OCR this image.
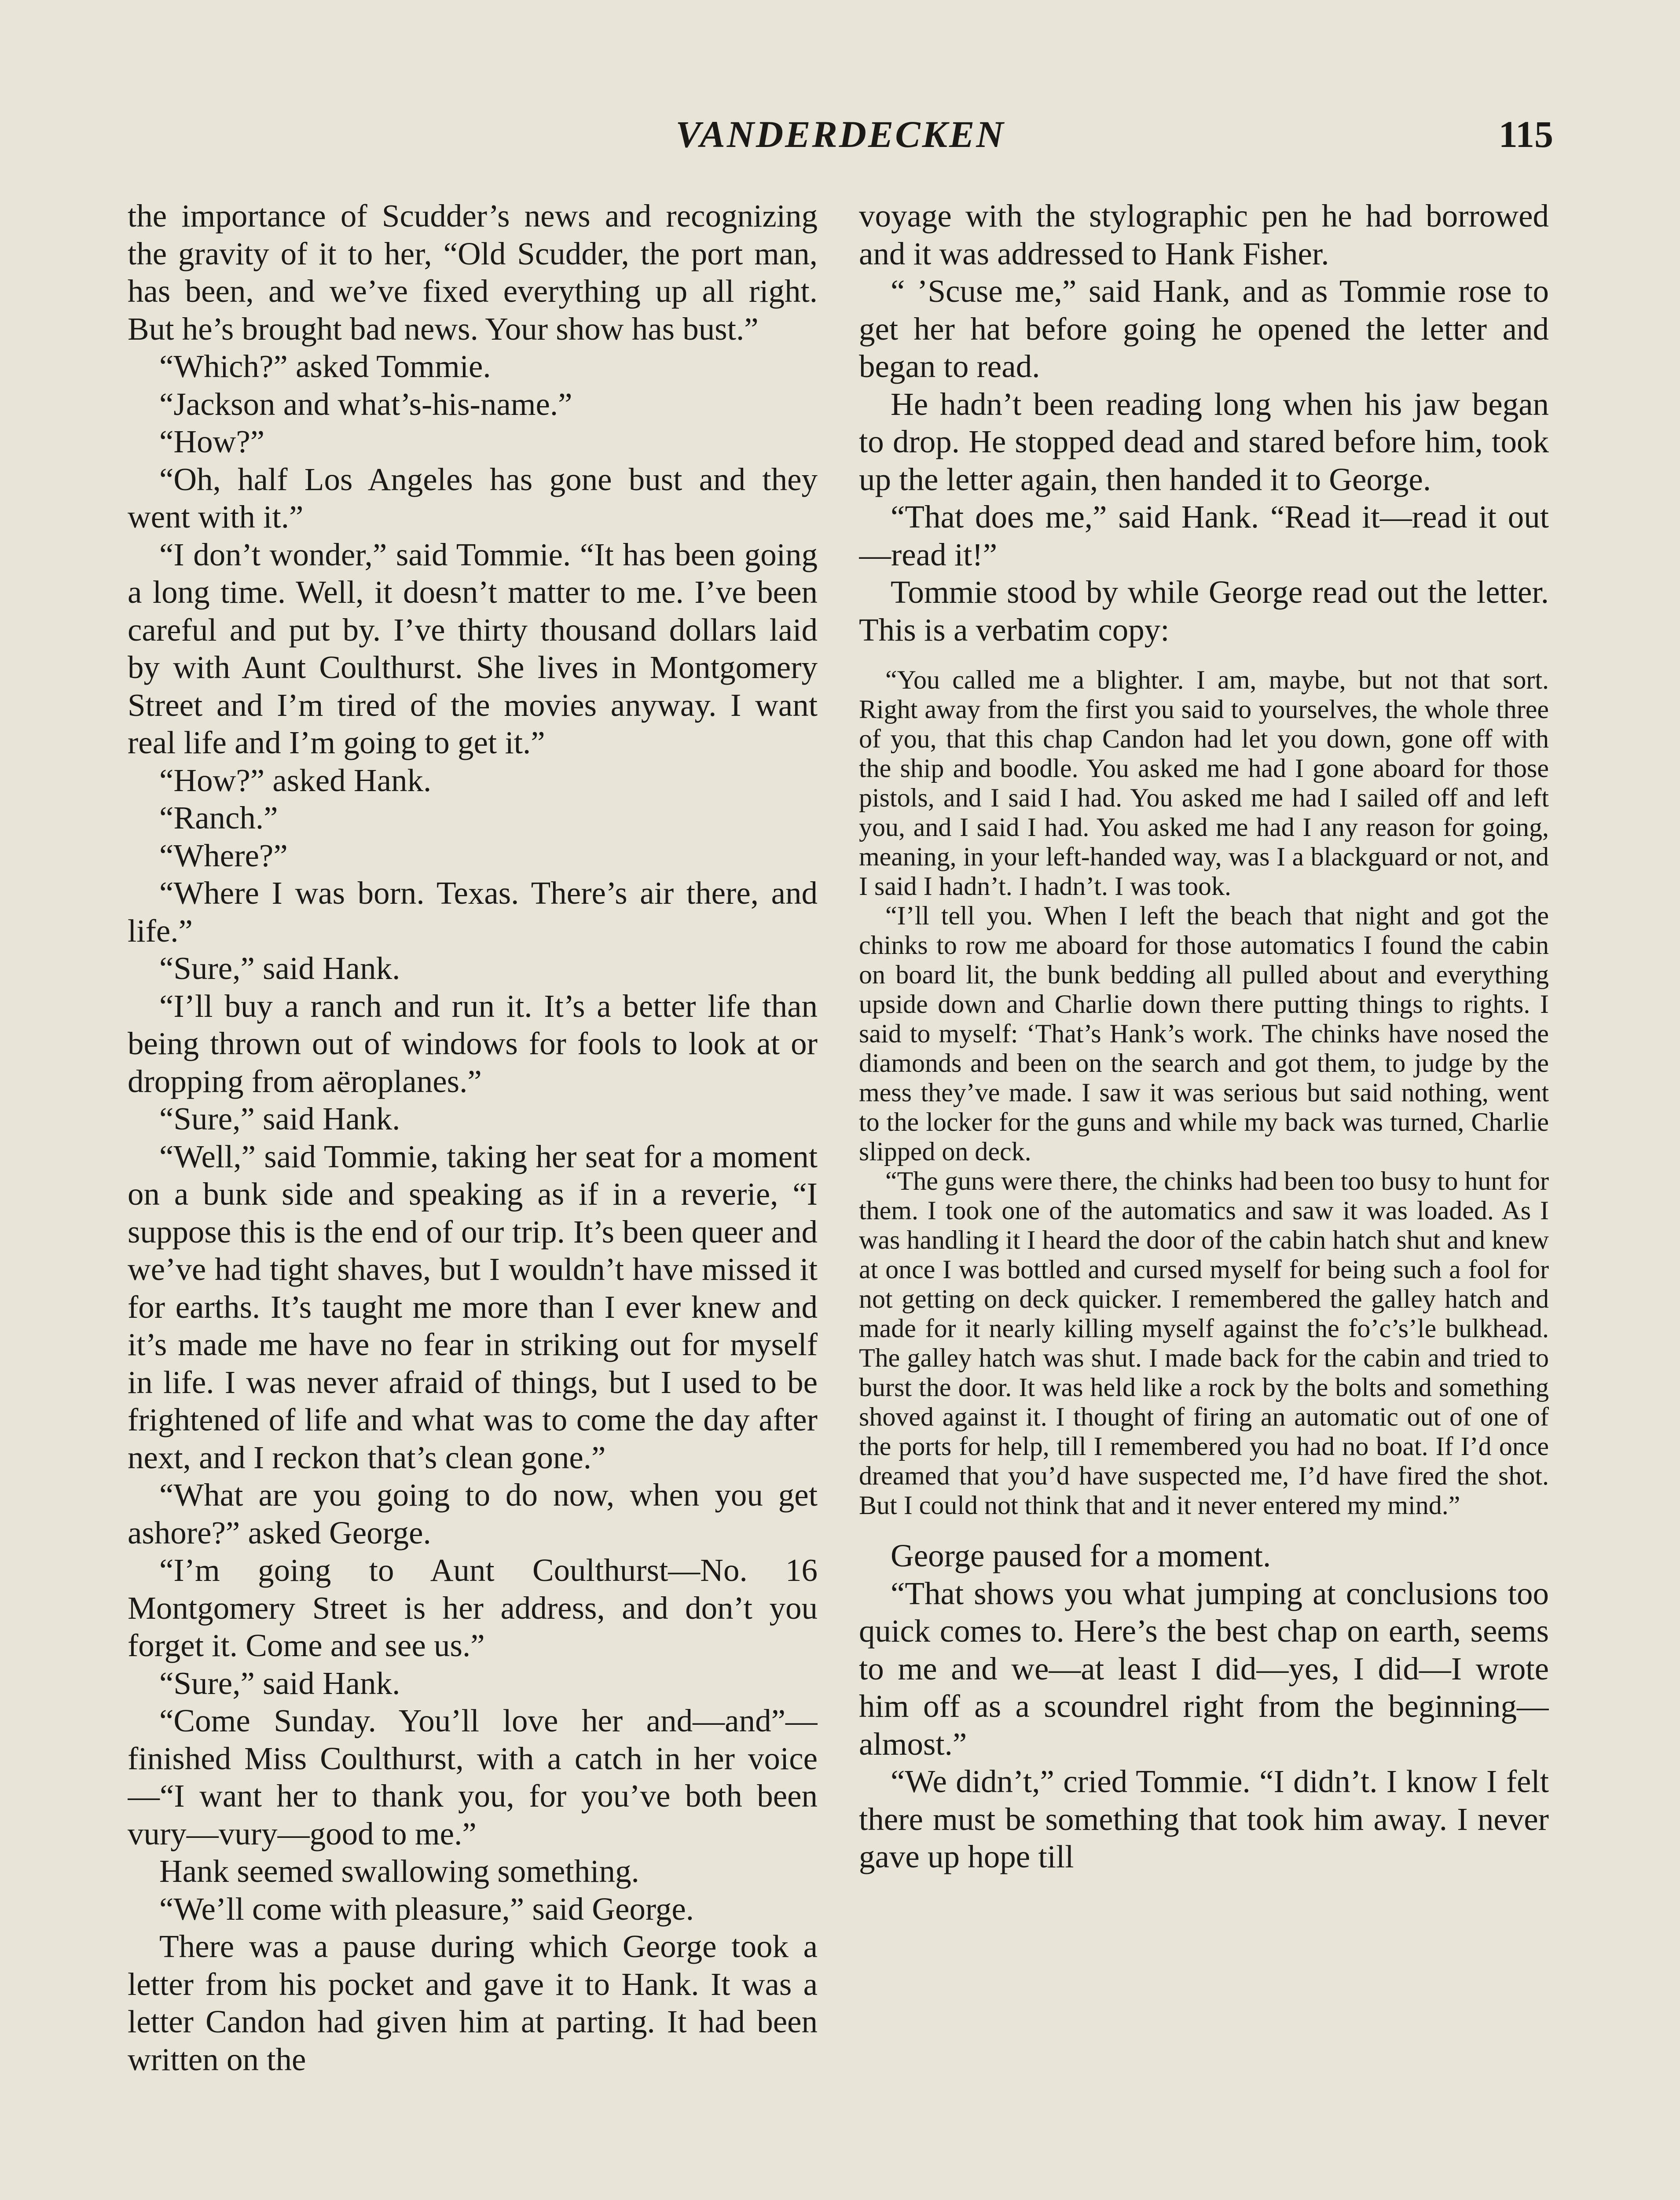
VANDERDECKEN	115

the importance of Scudder’s news and recognizing the gravity of it to her, “Old Scudder, the port man, has been, and we’ve fixed everything up all right. But he’s brought bad news. Your show has bust.”

“Which?” asked Tommie.

“Jackson and what’s-his-name.”

“How?”

“Oh, half Los Angeles has gone bust and they went with it.”

“I don’t wonder,” said Tommie. “It has been going a long time. Well, it doesn’t matter to me. I’ve been careful and put by. I’ve thirty thousand dollars laid by with Aunt Coulthurst. She lives in Montgomery Street and I’m tired of the movies anyway. I want real life and I’m going to get it.”

“How?” asked Hank.

“Ranch.”

“Where?”

“Where I was born. Texas. There’s air there, and life.”

“Sure,” said Hank.

“I’ll buy a ranch and run it. It’s a better life than being thrown out of windows for fools to look at or dropping from aëroplanes.”

“Sure,” said Hank.

“Well,” said Tommie, taking her seat for a moment on a bunk side and speaking as if in a reverie, “I suppose this is the end of our trip. It’s been queer and we’ve had tight shaves, but I wouldn’t have missed it for earths. It’s taught me more than I ever knew and it’s made me have no fear in striking out for myself in life. I was never afraid of things, but I used to be frightened of life and what was to come the day after next, and I reckon that’s clean gone.”

“What are you going to do now, when you get ashore?” asked George.

“I’m going to Aunt Coulthurst—No. 16 Montgomery Street is her address, and don’t you forget it. Come and see us.”

“Sure,” said Hank.

“Come Sunday. You’ll love her and—and”—finished Miss Coulthurst, with a catch in her voice—“I want her to thank you, for you’ve both been vury—vury—good to me.”

Hank seemed swallowing something.

“We’ll come with pleasure,” said George.

There was a pause during which George took a letter from his pocket and gave it to Hank. It was a letter Candon had given him at parting. It had been written on the

voyage with the stylographic pen he had borrowed and it was addressed to Hank Fisher.

“ ’Scuse me,” said Hank, and as Tommie rose to get her hat before going he opened the letter and began to read.

He hadn’t been reading long when his jaw began to drop. He stopped dead and stared before him, took up the letter again, then handed it to George.

“That does me,” said Hank. “Read it—read it out—read it!”

Tommie stood by while George read out the letter. This is a verbatim copy:

“You called me a blighter. I am, maybe, but not that sort. Right away from the first you said to yourselves, the whole three of you, that this chap Candon had let you down, gone off with the ship and boodle. You asked me had I gone aboard for those pistols, and I said I had. You asked me had I sailed off and left you, and I said I had. You asked me had I any reason for going, meaning, in your left-handed way, was I a blackguard or not, and I said I hadn’t. I hadn’t. I was took.

“I’ll tell you. When I left the beach that night and got the chinks to row me aboard for those automatics I found the cabin on board lit, the bunk bedding all pulled about and everything upside down and Charlie down there putting things to rights. I said to myself: ‘That’s Hank’s work. The chinks have nosed the diamonds and been on the search and got them, to judge by the mess they’ve made. I saw it was serious but said nothing, went to the locker for the guns and while my back was turned, Charlie slipped on deck.

“The guns were there, the chinks had been too busy to hunt for them. I took one of the automatics and saw it was loaded. As I was handling it I heard the door of the cabin hatch shut and knew at once I was bottled and cursed myself for being such a fool for not getting on deck quicker. I remembered the galley hatch and made for it nearly killing myself against the fo’c’s’le bulkhead. The galley hatch was shut. I made back for the cabin and tried to burst the door. It was held like a rock by the bolts and something shoved against it. I thought of firing an automatic out of one of the ports for help, till I remembered you had no boat. If I’d once dreamed that you’d have suspected me, I’d have fired the shot. But I could not think that and it never entered my mind.”

George paused for a moment.

“That shows you what jumping at conclusions too quick comes to. Here’s the best chap on earth, seems to me and we—at least I did—yes, I did—I wrote him off as a scoundrel right from the beginning—almost.”

“We didn’t,” cried Tommie. “I didn’t. I know I felt there must be something that took him away. I never gave up hope till
